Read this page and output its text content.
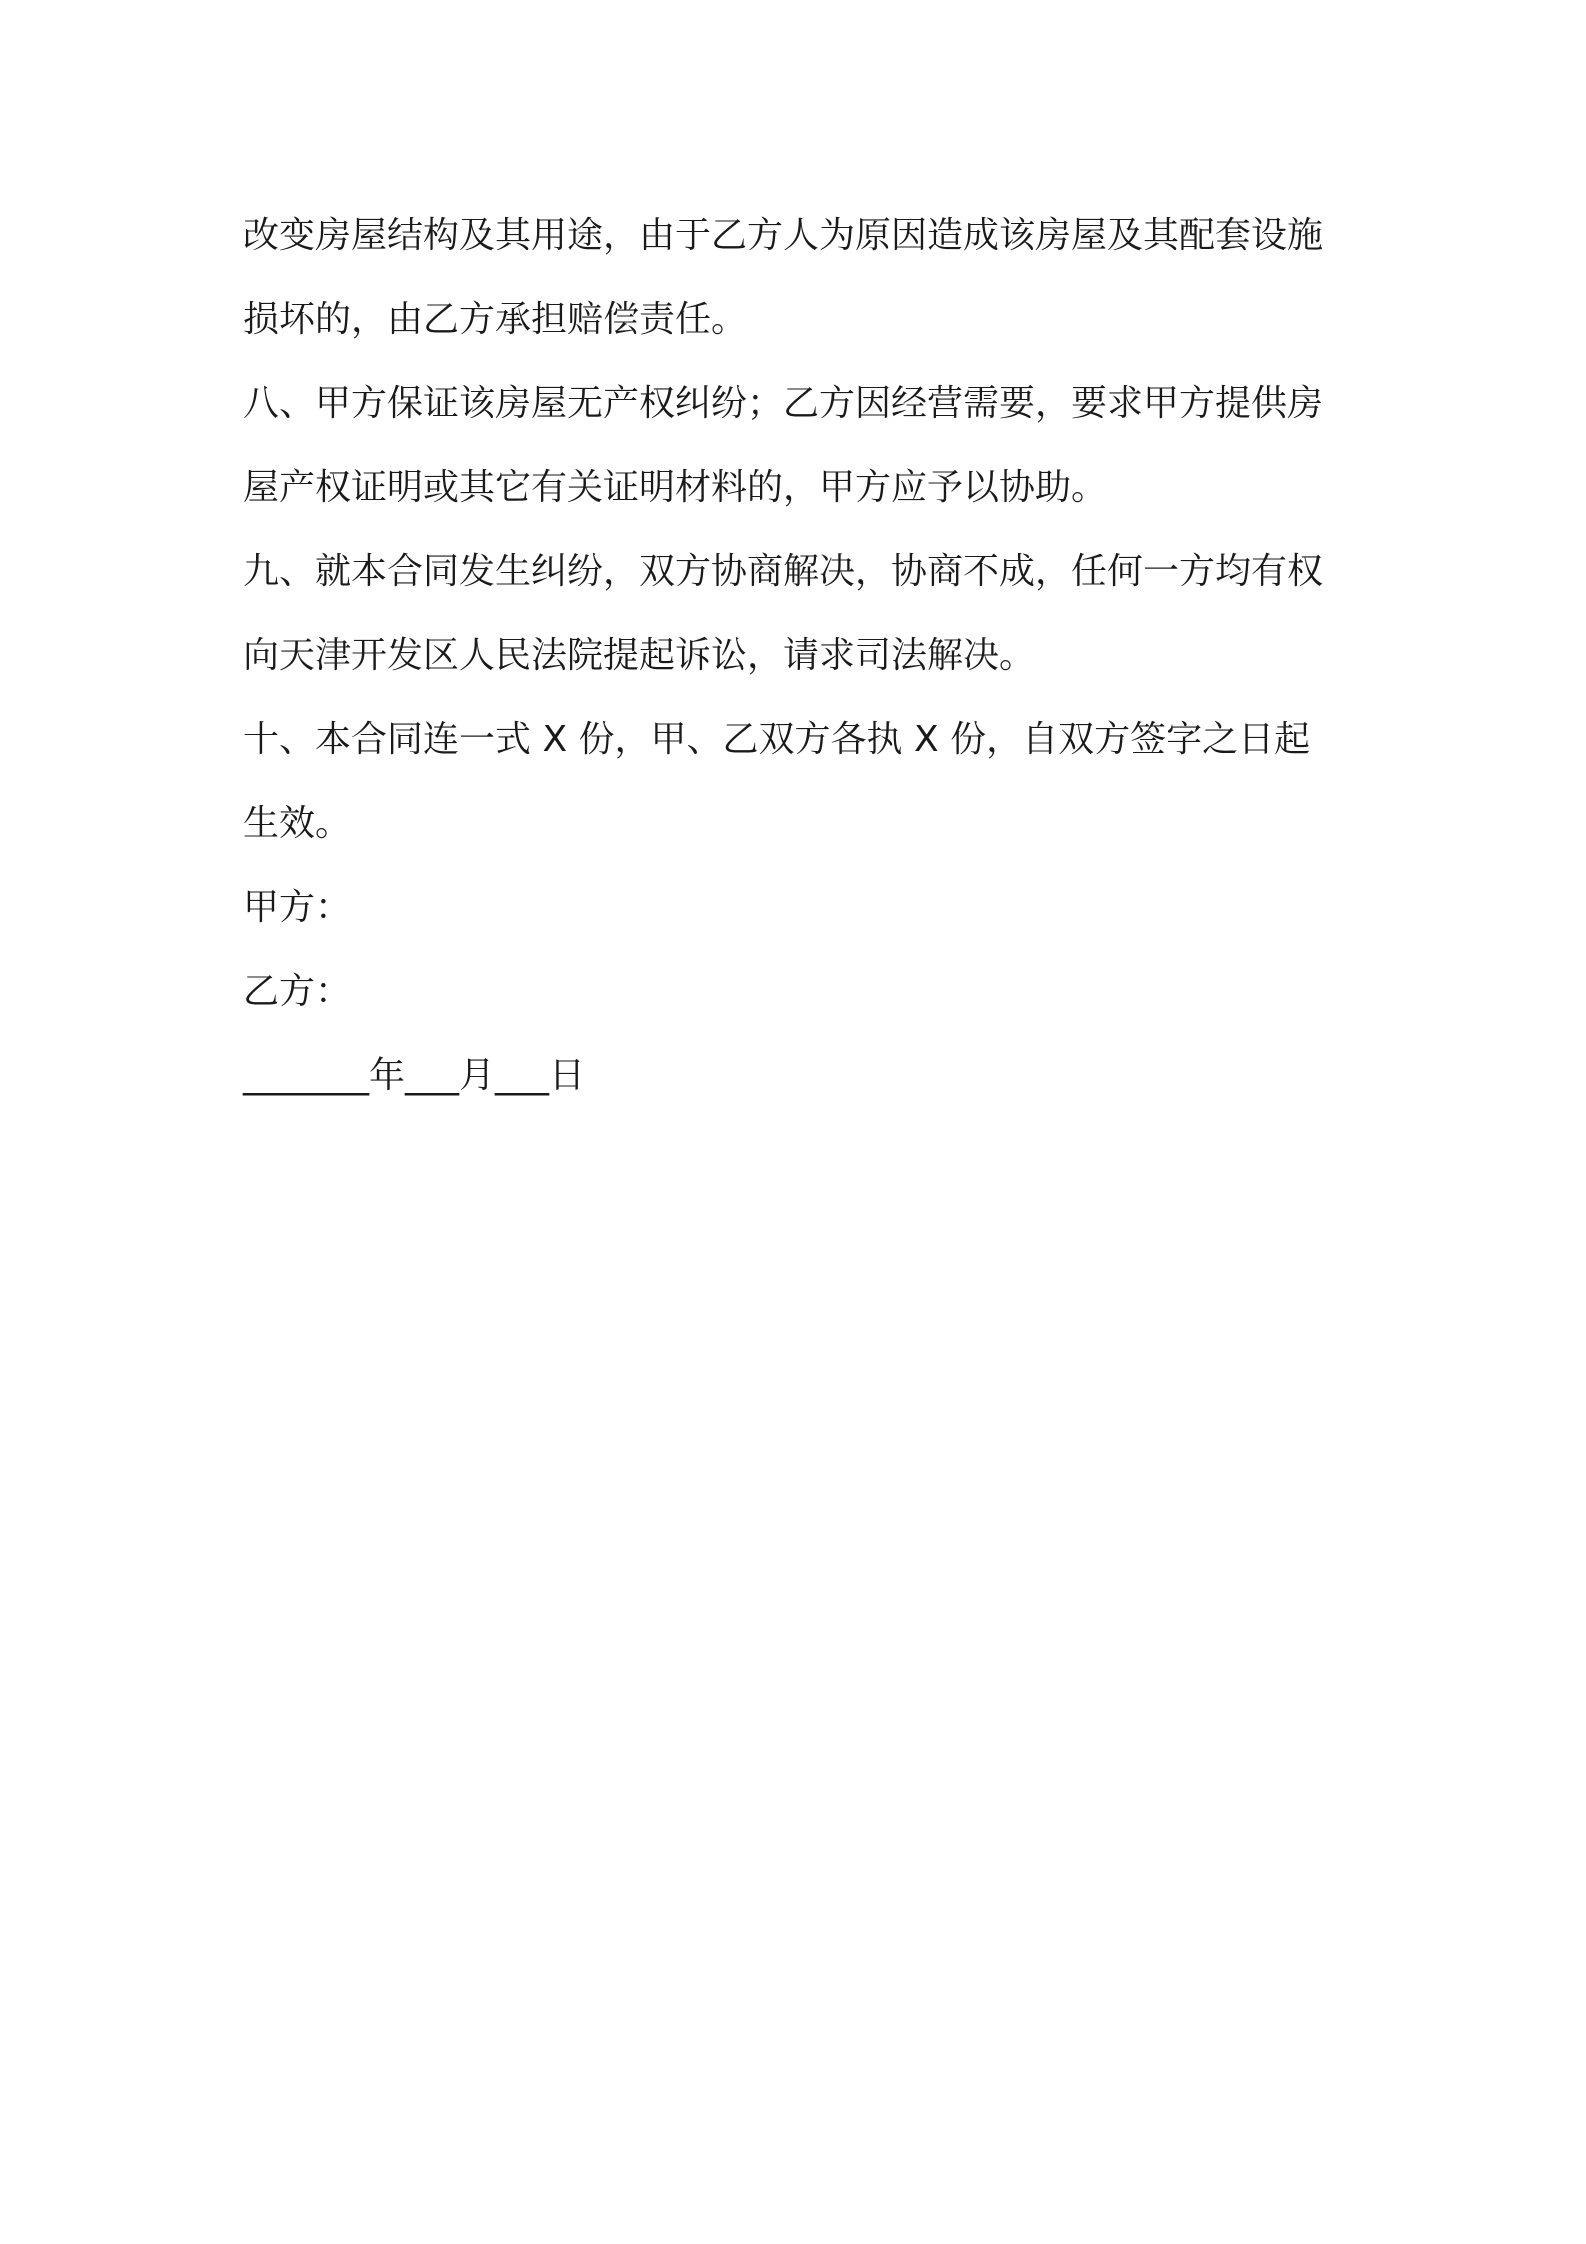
改变房屋结构及其用途，由于乙方人为原因造成该房屋及其配套设施
损坏的，由乙方承担赔偿责任。
八、甲方保证该房屋无产权纠纷；乙方因经营需要，要求甲方提供房
屋产权证明或其它有关证明材料的，甲方应予以协助。
九、就本合同发生纠纷，双方协商解决，协商不成，任何一方均有权
向天津开发区人民法院提起诉讼，请求司法解决。
十、本合同连一式 X 份，甲、乙双方各执 X 份，自双方签字之日起
生效。
甲方：
乙方：
_______年___月___日
